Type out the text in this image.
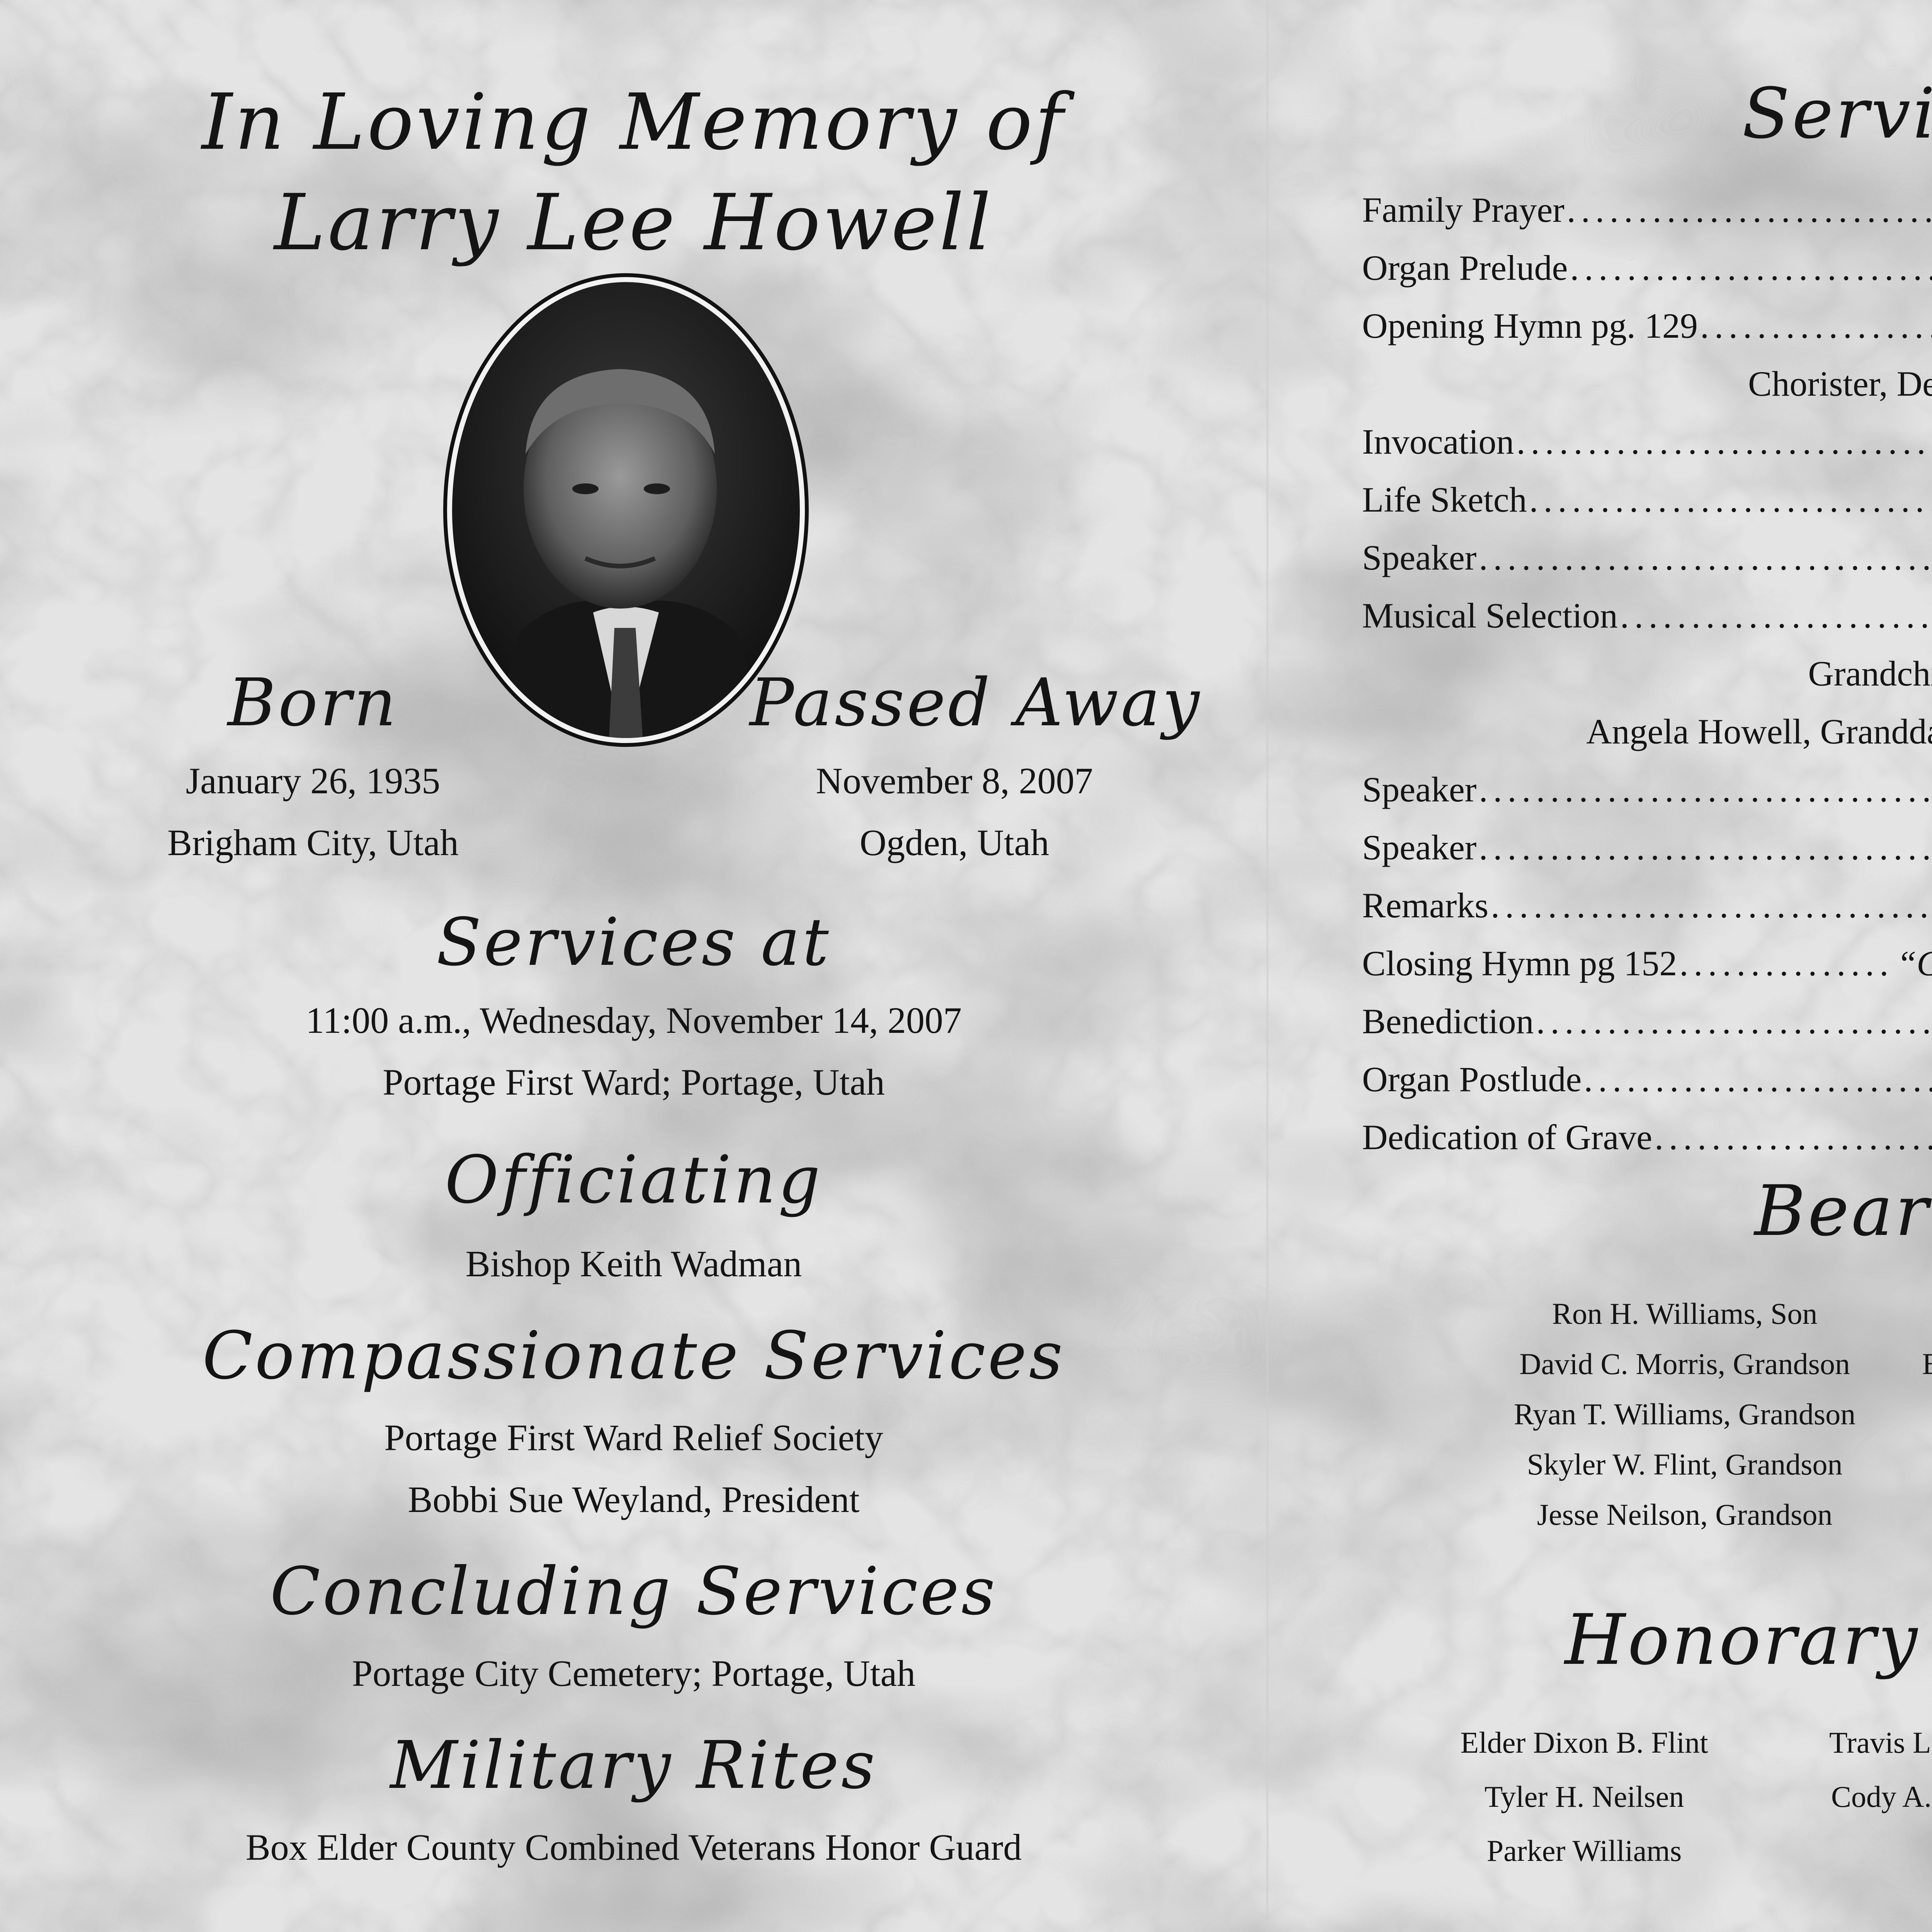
In Loving Memory of
Larry Lee Howell
Born
January 26, 1935
Brigham City, Utah
Passed Away
November 8, 2007
Ogden, Utah
Services at
11:00 a.m., Wednesday, November 14, 2007
Portage First Ward; Portage, Utah
Officiating
Bishop Keith Wadman
Compassionate Services
Portage First Ward Relief Society
Bobbi Sue Weyland, President
Concluding Services
Portage City Cemetery; Portage, Utah
Military Rites
Box Elder County Combined Veterans Honor Guard
Serv
Family Prayer .........................
Organ Prelude .........................
Opening Hymn pg. 129 ................
Chorister, De
Invocation .............................
Life Sketch ............................
Speaker ...............................
Musical Selection .....................
Grandch
Angela Howell, Grandda
Speaker ...............................
Speaker ...............................
Remarks ...............................
Closing Hymn pg 152 ............... “
Benediction ...........................
Organ Postlude .........................
Dedication of Grave ...................
Bear
Ron H. Williams, Son
David C. Morris, Grandson
Ryan T. Williams, Grandson
Skyler W. Flint, Grandson
Jesse Neilson, Grandson
Honorary
Elder Dixon B. Flint
Tyler H. Neilsen
Parker Williams
Travis L
Cody A.
